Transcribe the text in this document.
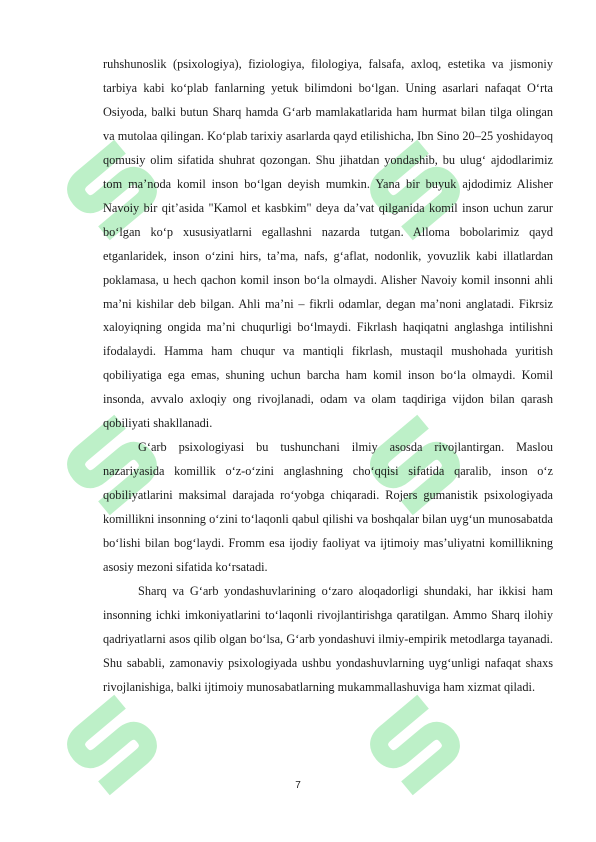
ruhshunoslik (psixologiya), fiziologiya, filologiya, falsafa, axloq, estetika va jismoniy tarbiya kabi ko‘plab fanlarning yetuk bilimdoni bo‘lgan. Uning asarlari nafaqat O‘rta Osiyoda, balki butun Sharq hamda G‘arb mamlakatlarida ham hurmat bilan tilga olingan va mutolaa qilingan. Ko‘plab tarixiy asarlarda qayd etilishicha, Ibn Sino 20–25 yoshidayoq qomusiy olim sifatida shuhrat qozongan. Shu jihatdan yondashib, bu ulug‘ ajdodlarimiz tom ma’noda komil inson bo‘lgan deyish mumkin. Yana bir buyuk ajdodimiz Alisher Navoiy bir qit’asida "Kamol et kasbkim" deya da’vat qilganida komil inson uchun zarur bo‘lgan ko‘p xususiyatlarni egallashni nazarda tutgan. Alloma bobolarimiz qayd etganlaridek, inson o‘zini hirs, ta’ma, nafs, g‘aflat, nodonlik, yovuzlik kabi illatlardan poklamasa, u hech qachon komil inson bo‘la olmaydi. Alisher Navoiy komil insonni ahli ma’ni kishilar deb bilgan. Ahli ma’ni – fikrli odamlar, degan ma’noni anglatadi. Fikrsiz xaloyiqning ongida ma’ni chuqurligi bo‘lmaydi. Fikrlash haqiqatni anglashga intilishni ifodalaydi. Hamma ham chuqur va mantiqli fikrlash, mustaqil mushohada yuritish qobiliyatiga ega emas, shuning uchun barcha ham komil inson bo‘la olmaydi. Komil insonda, avvalo axloqiy ong rivojlanadi, odam va olam taqdiriga vijdon bilan qarash qobiliyati shakllanadi.

G‘arb psixologiyasi bu tushunchani ilmiy asosda rivojlantirgan. Maslou nazariyasida komillik o‘z-o‘zini anglashning cho‘qqisi sifatida qaralib, inson o‘z qobiliyatlarini maksimal darajada ro‘yobga chiqaradi. Rojers gumanistik psixologiyada komillikni insonning o‘zini to‘laqonli qabul qilishi va boshqalar bilan uyg‘un munosabatda bo‘lishi bilan bog‘laydi. Fromm esa ijodiy faoliyat va ijtimoiy mas’uliyatni komillikning asosiy mezoni sifatida ko‘rsatadi.

Sharq va G‘arb yondashuvlarining o‘zaro aloqadorligi shundaki, har ikkisi ham insonning ichki imkoniyatlarini to‘laqonli rivojlantirishga qaratilgan. Ammo Sharq ilohiy qadriyatlarni asos qilib olgan bo‘lsa, G‘arb yondashuvi ilmiy-empirik metodlarga tayanadi. Shu sababli, zamonaviy psixologiyada ushbu yondashuvlarning uyg‘unligi nafaqat shaxs rivojlanishiga, balki ijtimoiy munosabatlarning mukammallashuviga ham xizmat qiladi.

7
